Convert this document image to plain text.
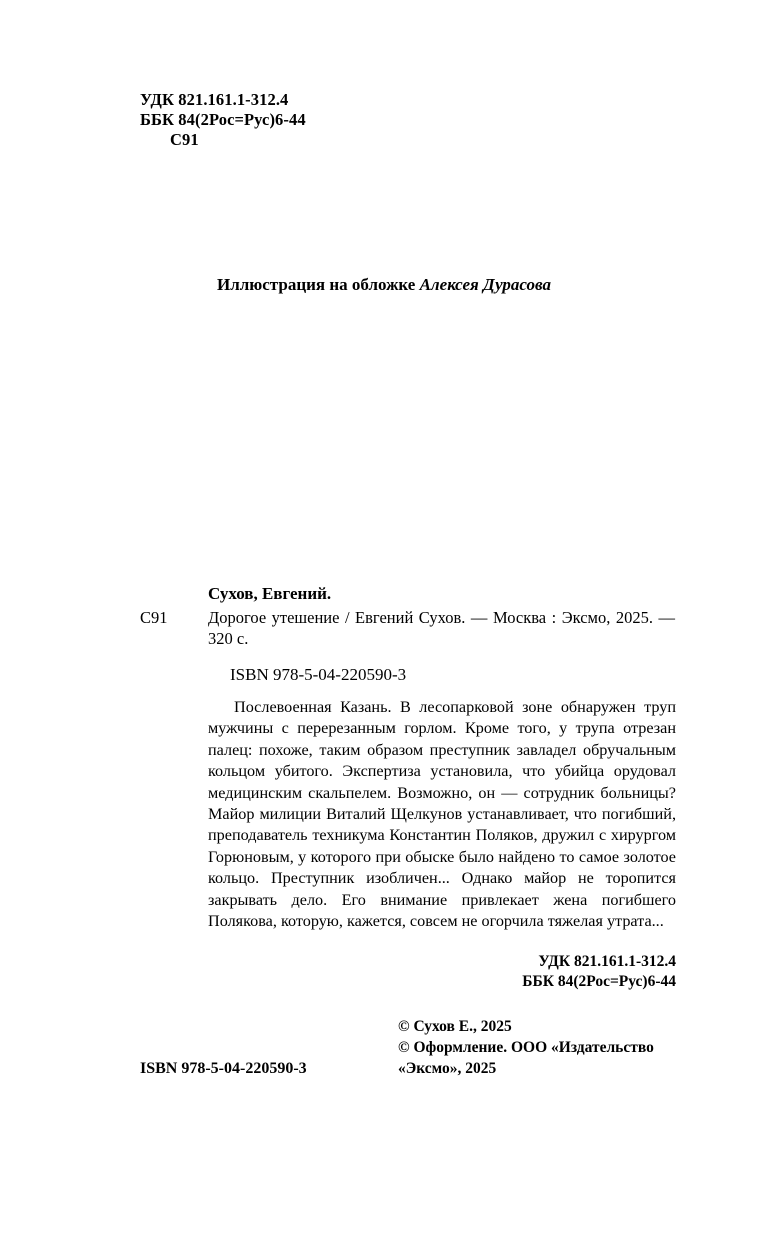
УДК 821.161.1-312.4
ББК 84(2Рос=Рус)6-44
С91
Иллюстрация на обложке Алексея Дурасова
С91
Сухов, Евгений.
Дорогое утешение / Евгений Сухов. — Москва : Эксмо, 2025. — 320 с.
ISBN 978-5-04-220590-3
Послевоенная Казань. В лесопарковой зоне обнаружен труп мужчины с перерезанным горлом. Кроме того, у трупа отрезан палец: похоже, таким образом преступник завладел обручальным кольцом убитого. Экспертиза установила, что убийца орудовал медицинским скальпелем. Возможно, он — сотрудник больницы? Майор милиции Виталий Щелкунов устанавливает, что погибший, преподаватель техникума Константин Поляков, дружил с хирургом Горюновым, у которого при обыске было найдено то самое золотое кольцо. Преступник изобличен... Однако майор не торопится закрывать дело. Его внимание привлекает жена погибшего Полякова, которую, кажется, совсем не огорчила тяжелая утрата...
УДК 821.161.1-312.4
ББК 84(2Рос=Рус)6-44
© Сухов Е., 2025
© Оформление. ООО «Издательство
«Эксмо», 2025
ISBN 978-5-04-220590-3
